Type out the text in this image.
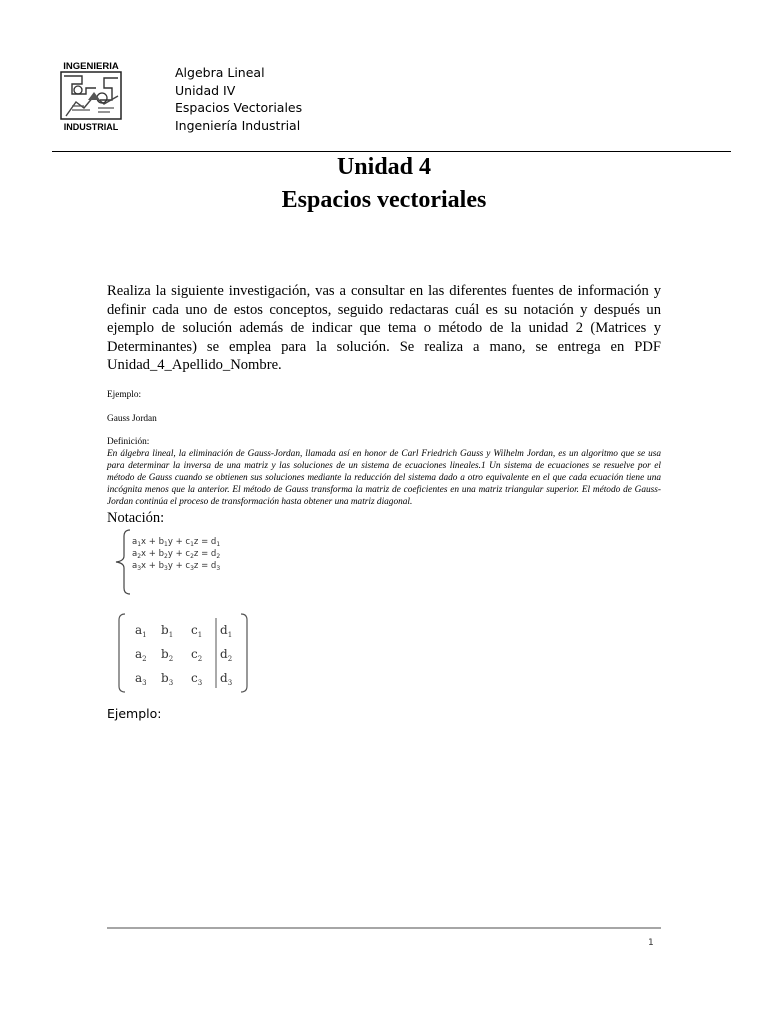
INGENIERIA
INDUSTRIAL
Algebra Lineal
Unidad IV
Espacios Vectoriales
Ingeniería Industrial
Unidad 4
Espacios vectoriales
Realiza la siguiente investigación, vas a consultar en las diferentes fuentes de información y definir cada uno de estos conceptos, seguido redactaras cuál es su notación y después un ejemplo de solución además de indicar que tema o método de la unidad 2 (Matrices y Determinantes) se emplea para la solución. Se realiza a mano, se entrega en PDF Unidad_4_Apellido_Nombre.
Ejemplo:
Gauss Jordan
Definición:
En álgebra lineal, la eliminación de Gauss-Jordan, llamada así en honor de Carl Friedrich Gauss y Wilhelm Jordan, es un algoritmo que se usa para determinar la inversa de una matriz y las soluciones de un sistema de ecuaciones lineales.1 Un sistema de ecuaciones se resuelve por el método de Gauss cuando se obtienen sus soluciones mediante la reducción del sistema dado a otro equivalente en el que cada ecuación tiene una incógnita menos que la anterior. El método de Gauss transforma la matriz de coeficientes en una matriz triangular superior. El método de Gauss-Jordan continúa el proceso de transformación hasta obtener una matriz diagonal.
Notación:
$a_1x + b_1y + c_1z = d_1$
$a_2x + b_2y + c_2z = d_2$
$a_3x + b_3y + c_3z = d_3$
$a_1$ $b_1$ $c_1$ $d_1$
$a_2$ $b_2$ $c_2$ $d_2$
$a_3$ $b_3$ $c_3$ $d_3$
Ejemplo:
1
